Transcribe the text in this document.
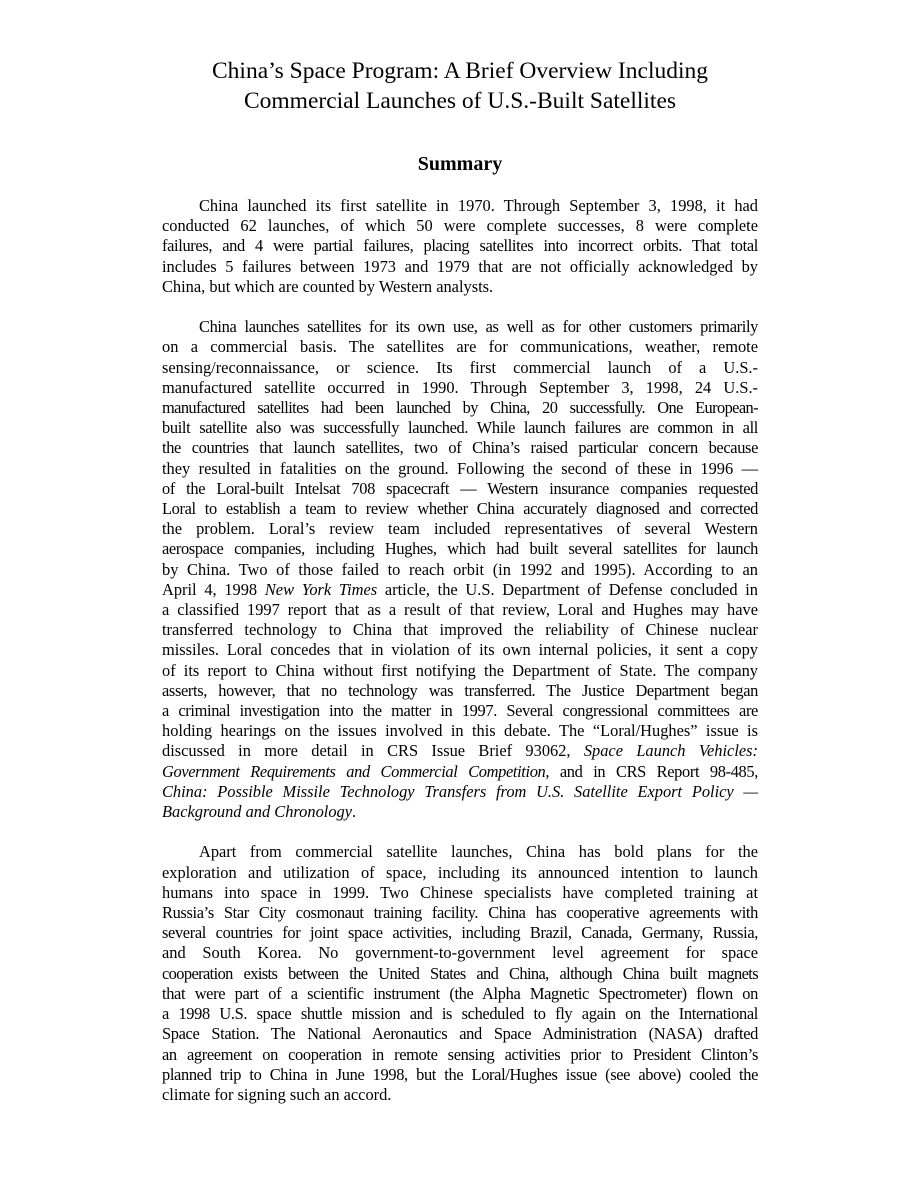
China’s Space Program: A Brief Overview Including
Commercial Launches of U.S.-Built Satellites
Summary
China launched its first satellite in 1970. Through September 3, 1998, it had
conducted 62 launches, of which 50 were complete successes, 8 were complete
failures, and 4 were partial failures, placing satellites into incorrect orbits. That total
includes 5 failures between 1973 and 1979 that are not officially acknowledged by
China, but which are counted by Western analysts.
China launches satellites for its own use, as well as for other customers primarily
on a commercial basis. The satellites are for communications, weather, remote
sensing/reconnaissance, or science. Its first commercial launch of a U.S.-
manufactured satellite occurred in 1990. Through September 3, 1998, 24 U.S.-
manufactured satellites had been launched by China, 20 successfully. One European-
built satellite also was successfully launched. While launch failures are common in all
the countries that launch satellites, two of China’s raised particular concern because
they resulted in fatalities on the ground. Following the second of these in 1996 —
of the Loral-built Intelsat 708 spacecraft — Western insurance companies requested
Loral to establish a team to review whether China accurately diagnosed and corrected
the problem. Loral’s review team included representatives of several Western
aerospace companies, including Hughes, which had built several satellites for launch
by China. Two of those failed to reach orbit (in 1992 and 1995). According to an
April 4, 1998 New York Times article, the U.S. Department of Defense concluded in
a classified 1997 report that as a result of that review, Loral and Hughes may have
transferred technology to China that improved the reliability of Chinese nuclear
missiles. Loral concedes that in violation of its own internal policies, it sent a copy
of its report to China without first notifying the Department of State. The company
asserts, however, that no technology was transferred. The Justice Department began
a criminal investigation into the matter in 1997. Several congressional committees are
holding hearings on the issues involved in this debate. The “Loral/Hughes” issue is
discussed in more detail in CRS Issue Brief 93062, Space Launch Vehicles:
Government Requirements and Commercial Competition, and in CRS Report 98-485,
China: Possible Missile Technology Transfers from U.S. Satellite Export Policy —
Background and Chronology.
Apart from commercial satellite launches, China has bold plans for the
exploration and utilization of space, including its announced intention to launch
humans into space in 1999. Two Chinese specialists have completed training at
Russia’s Star City cosmonaut training facility. China has cooperative agreements with
several countries for joint space activities, including Brazil, Canada, Germany, Russia,
and South Korea. No government-to-government level agreement for space
cooperation exists between the United States and China, although China built magnets
that were part of a scientific instrument (the Alpha Magnetic Spectrometer) flown on
a 1998 U.S. space shuttle mission and is scheduled to fly again on the International
Space Station. The National Aeronautics and Space Administration (NASA) drafted
an agreement on cooperation in remote sensing activities prior to President Clinton’s
planned trip to China in June 1998, but the Loral/Hughes issue (see above) cooled the
climate for signing such an accord.
